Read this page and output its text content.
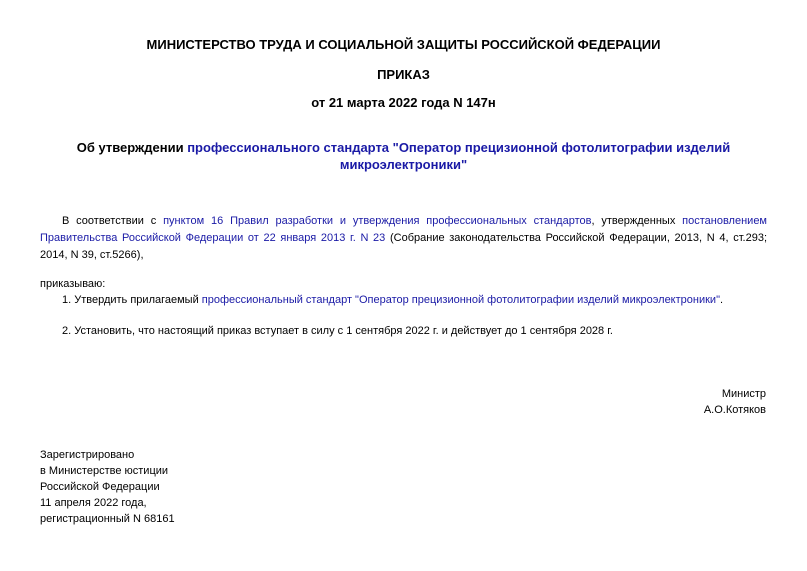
МИНИСТЕРСТВО ТРУДА И СОЦИАЛЬНОЙ ЗАЩИТЫ РОССИЙСКОЙ ФЕДЕРАЦИИ
ПРИКАЗ
от 21 марта 2022 года N 147н
Об утверждении профессионального стандарта "Оператор прецизионной фотолитографии изделий микроэлектроники"
В соответствии с пунктом 16 Правил разработки и утверждения профессиональных стандартов, утвержденных постановлением Правительства Российской Федерации от 22 января 2013 г. N 23 (Собрание законодательства Российской Федерации, 2013, N 4, ст.293; 2014, N 39, ст.5266),
приказываю:
1. Утвердить прилагаемый профессиональный стандарт "Оператор прецизионной фотолитографии изделий микроэлектроники".
2. Установить, что настоящий приказ вступает в силу с 1 сентября 2022 г. и действует до 1 сентября 2028 г.
Министр
А.О.Котяков
Зарегистрировано
в Министерстве юстиции
Российской Федерации
11 апреля 2022 года,
регистрационный N 68161
